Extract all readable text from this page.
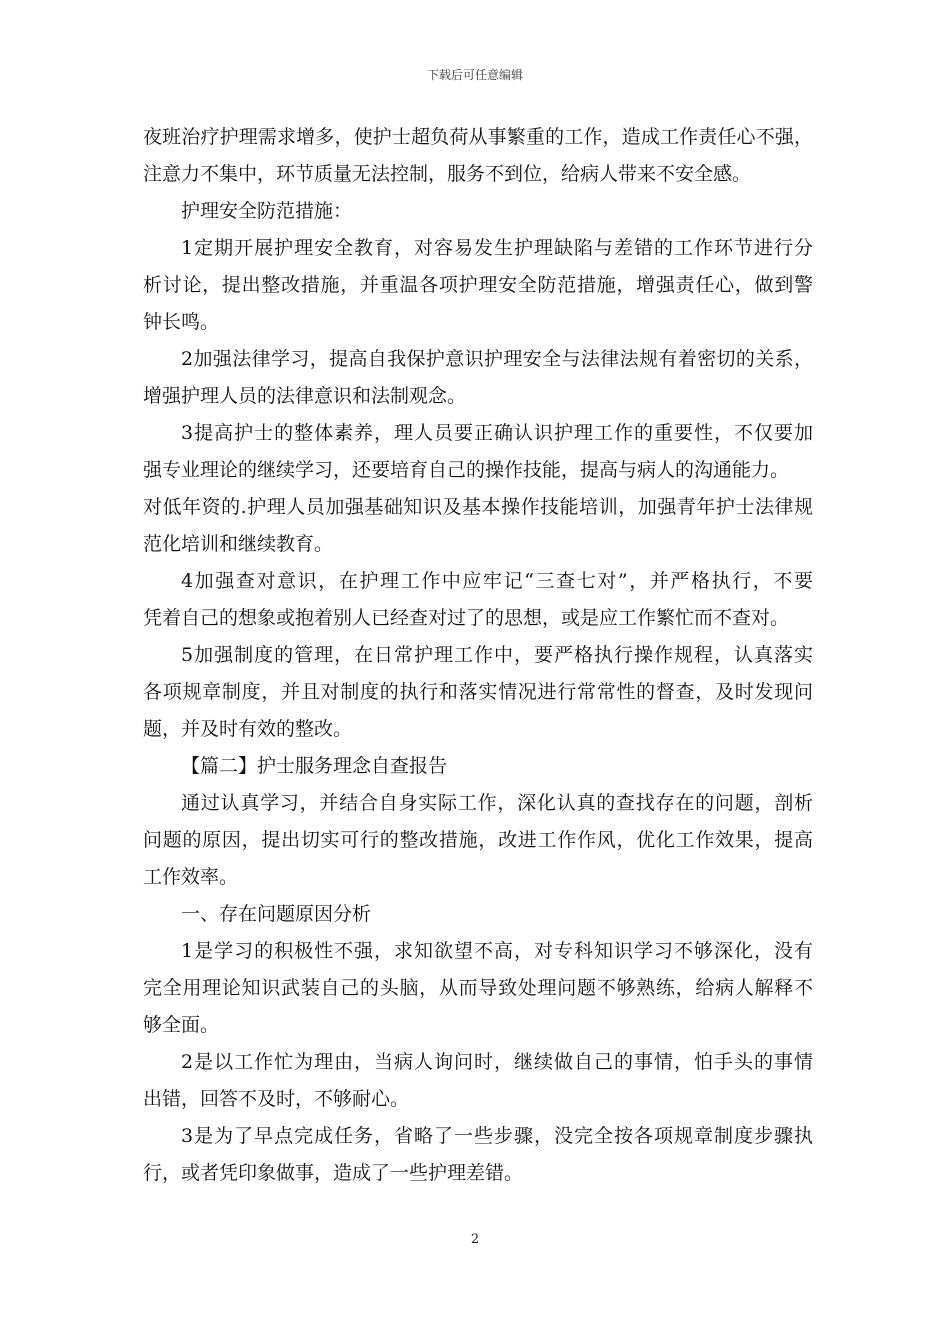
下载后可任意编辑
夜班治疗护理需求增多，使护士超负荷从事繁重的工作，造成工作责任心不强，
注意力不集中，环节质量无法控制，服务不到位，给病人带来不安全感。
护理安全防范措施：
1定期开展护理安全教育，对容易发生护理缺陷与差错的工作环节进行分
析讨论，提出整改措施，并重温各项护理安全防范措施，增强责任心，做到警
钟长鸣。
2加强法律学习，提高自我保护意识护理安全与法律法规有着密切的关系，
增强护理人员的法律意识和法制观念。
3提高护士的整体素养，理人员要正确认识护理工作的重要性，不仅要加
强专业理论的继续学习，还要培育自己的操作技能，提高与病人的沟通能力。
对低年资的.护理人员加强基础知识及基本操作技能培训，加强青年护士法律规
范化培训和继续教育。
4加强查对意识，在护理工作中应牢记“三查七对”，并严格执行，不要
凭着自己的想象或抱着别人已经查对过了的思想，或是应工作繁忙而不查对。
5加强制度的管理，在日常护理工作中，要严格执行操作规程，认真落实
各项规章制度，并且对制度的执行和落实情况进行常常性的督查，及时发现问
题，并及时有效的整改。
【篇二】护士服务理念自查报告
通过认真学习，并结合自身实际工作，深化认真的查找存在的问题，剖析
问题的原因，提出切实可行的整改措施，改进工作作风，优化工作效果，提高
工作效率。
一、存在问题原因分析
1是学习的积极性不强，求知欲望不高，对专科知识学习不够深化，没有
完全用理论知识武装自己的头脑，从而导致处理问题不够熟练，给病人解释不
够全面。
2是以工作忙为理由，当病人询问时，继续做自己的事情，怕手头的事情
出错，回答不及时，不够耐心。
3是为了早点完成任务，省略了一些步骤，没完全按各项规章制度步骤执
行，或者凭印象做事，造成了一些护理差错。
2
